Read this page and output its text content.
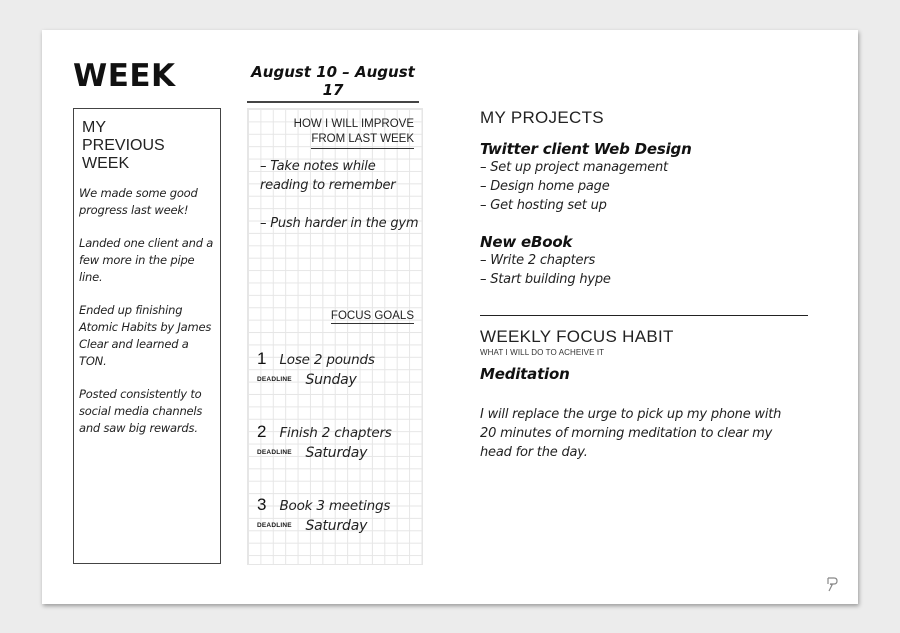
WEEK	August 10 – August 17
MY
PREVIOUS
WEEK

We made some good progress last week!

Landed one client and a few more in the pipe line.

Ended up finishing Atomic Habits by James Clear and learned a TON.

Posted consistently to social media channels and saw big rewards.

HOW I WILL IMPROVE
FROM LAST WEEK

– Take notes while reading to remember

– Push harder in the gym

FOCUS GOALS
1 Lose 2 pounds
DEADLINE Sunday
2 Finish 2 chapters
DEADLINE Saturday
3 Book 3 meetings
DEADLINE Saturday
MY PROJECTS
Twitter client Web Design
– Set up project management
– Design home page
– Get hosting set up
New eBook
– Write 2 chapters
– Start building hype
WEEKLY FOCUS HABIT
WHAT I WILL DO TO ACHEIVE IT
Meditation
I will replace the urge to pick up my phone with 20 minutes of morning meditation to clear my head for the day.
